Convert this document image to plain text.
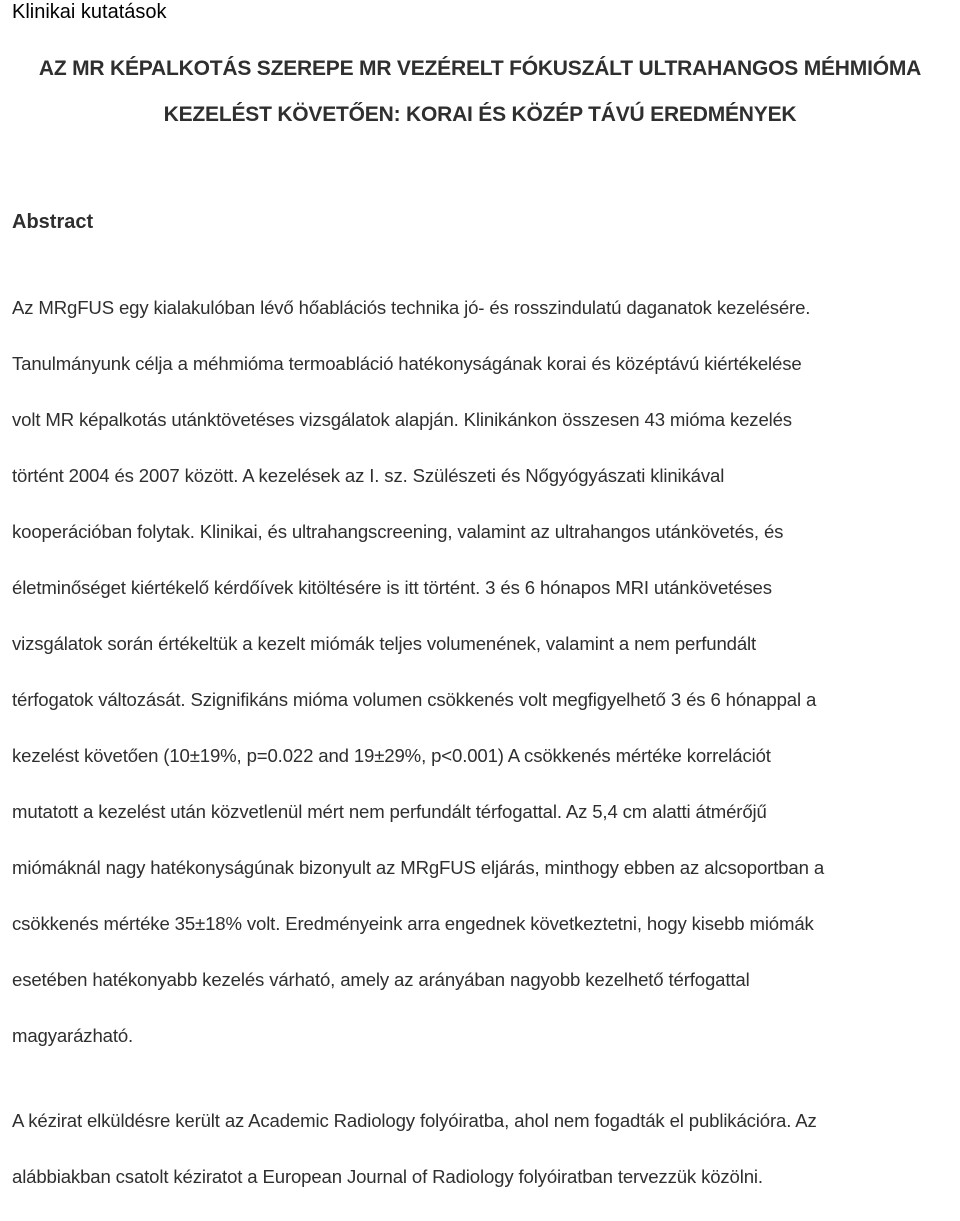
Klinikai kutatások
AZ MR KÉPALKOTÁS SZEREPE MR VEZÉRELT FÓKUSZÁLT ULTRAHANGOS MÉHMIÓMA
KEZELÉST KÖVETŐEN: KORAI ÉS KÖZÉP TÁVÚ EREDMÉNYEK
Abstract
Az MRgFUS egy kialakulóban lévő hőablációs technika jó- és rosszindulatú daganatok kezelésére.
Tanulmányunk célja a méhmióma termoabláció hatékonyságának korai és középtávú kiértékelése
volt MR képalkotás utánktövetéses vizsgálatok alapján. Klinikánkon összesen 43 mióma kezelés
történt 2004 és 2007 között. A kezelések az I. sz. Szülészeti és Nőgyógyászati klinikával
kooperációban folytak. Klinikai, és ultrahangscreening, valamint az ultrahangos utánkövetés, és
életminőséget kiértékelő kérdőívek kitöltésére is itt történt. 3 és 6 hónapos MRI utánkövetéses
vizsgálatok során értékeltük a kezelt miómák teljes volumenének, valamint a nem perfundált
térfogatok változását. Szignifikáns mióma volumen csökkenés volt megfigyelhető 3 és 6 hónappal a
kezelést követően (10±19%, p=0.022 and 19±29%, p<0.001) A csökkenés mértéke korrelációt
mutatott a kezelést után közvetlenül mért nem perfundált térfogattal. Az 5,4 cm alatti átmérőjű
miómáknál nagy hatékonyságúnak bizonyult az MRgFUS eljárás, minthogy ebben az alcsoportban a
csökkenés mértéke 35±18% volt. Eredményeink arra engednek következtetni, hogy kisebb miómák
esetében hatékonyabb kezelés várható, amely az arányában nagyobb kezelhető térfogattal
magyarázható.
A kézirat elküldésre került az Academic Radiology folyóiratba, ahol nem fogadták el publikációra. Az
alábbiakban csatolt kéziratot a European Journal of Radiology folyóiratban tervezzük közölni.
